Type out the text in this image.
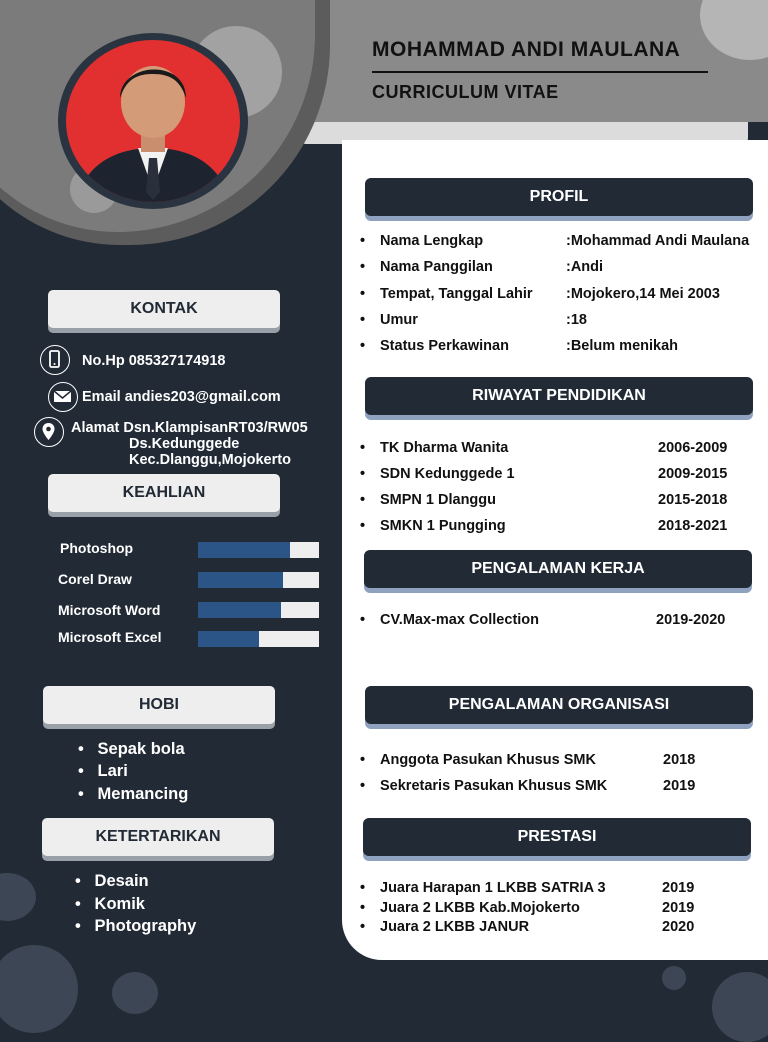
MOHAMMAD ANDI MAULANA
CURRICULUM VITAE
PROFIL
• Nama Lengkap	:Mohammad Andi Maulana
• Nama Panggilan	:Andi
• Tempat, Tanggal Lahir :Mojokero,14 Mei 2003
• Umur	:18
• Status Perkawinan	:Belum menikah
RIWAYAT PENDIDIKAN
• TK Dharma Wanita	2006-2009
• SDN Kedunggede 1	2009-2015
• SMPN 1 Dlanggu	2015-2018
• SMKN 1 Pungging	2018-2021
PENGALAMAN KERJA
• CV.Max-max Collection	2019-2020
PENGALAMAN ORGANISASI
• Anggota Pasukan Khusus SMK	2018
• Sekretaris Pasukan Khusus SMK	2019
PRESTASI
• Juara Harapan 1 LKBB SATRIA 3	2019
• Juara 2 LKBB Kab.Mojokerto	2019
• Juara 2 LKBB JANUR	2020
KONTAK
No.Hp 085327174918
Email andies203@gmail.com
Alamat Dsn.KlampisanRT03/RW05
Ds.Kedunggede
Kec.Dlanggu,Mojokerto
KEAHLIAN
Photoshop
Corel Draw
Microsoft Word
Microsoft Excel
HOBI
•   Sepak bola
•   Lari
•   Memancing
KETERTARIKAN
•   Desain
•   Komik
•   Photography
